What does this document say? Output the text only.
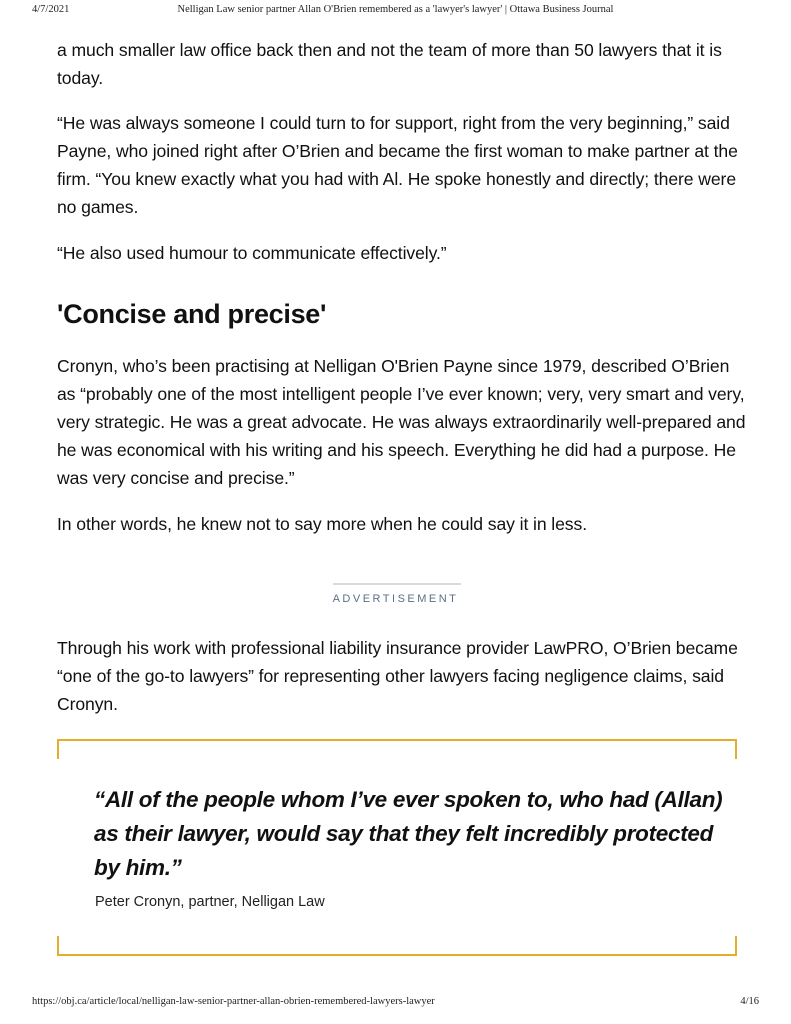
4/7/2021	Nelligan Law senior partner Allan O'Brien remembered as a 'lawyer's lawyer' | Ottawa Business Journal

a much smaller law office back then and not the team of more than 50 lawyers that it is today.

“He was always someone I could turn to for support, right from the very beginning,” said Payne, who joined right after O’Brien and became the first woman to make partner at the firm. “You knew exactly what you had with Al. He spoke honestly and directly; there were no games.

“He also used humour to communicate effectively.”

'Concise and precise'

Cronyn, who’s been practising at Nelligan O'Brien Payne since 1979, described O’Brien as “probably one of the most intelligent people I’ve ever known; very, very smart and very, very strategic. He was a great advocate. He was always extraordinarily well-prepared and he was economical with his writing and his speech. Everything he did had a purpose. He was very concise and precise.”

In other words, he knew not to say more when he could say it in less.

ADVERTISEMENT

Through his work with professional liability insurance provider LawPRO, O’Brien became “one of the go-to lawyers” for representing other lawyers facing negligence claims, said Cronyn.

“All of the people whom I’ve ever spoken to, who had (Allan) as their lawyer, would say that they felt incredibly protected by him.”
Peter Cronyn, partner, Nelligan Law
https://obj.ca/article/local/nelligan-law-senior-partner-allan-obrien-remembered-lawyers-lawyer	4/16
